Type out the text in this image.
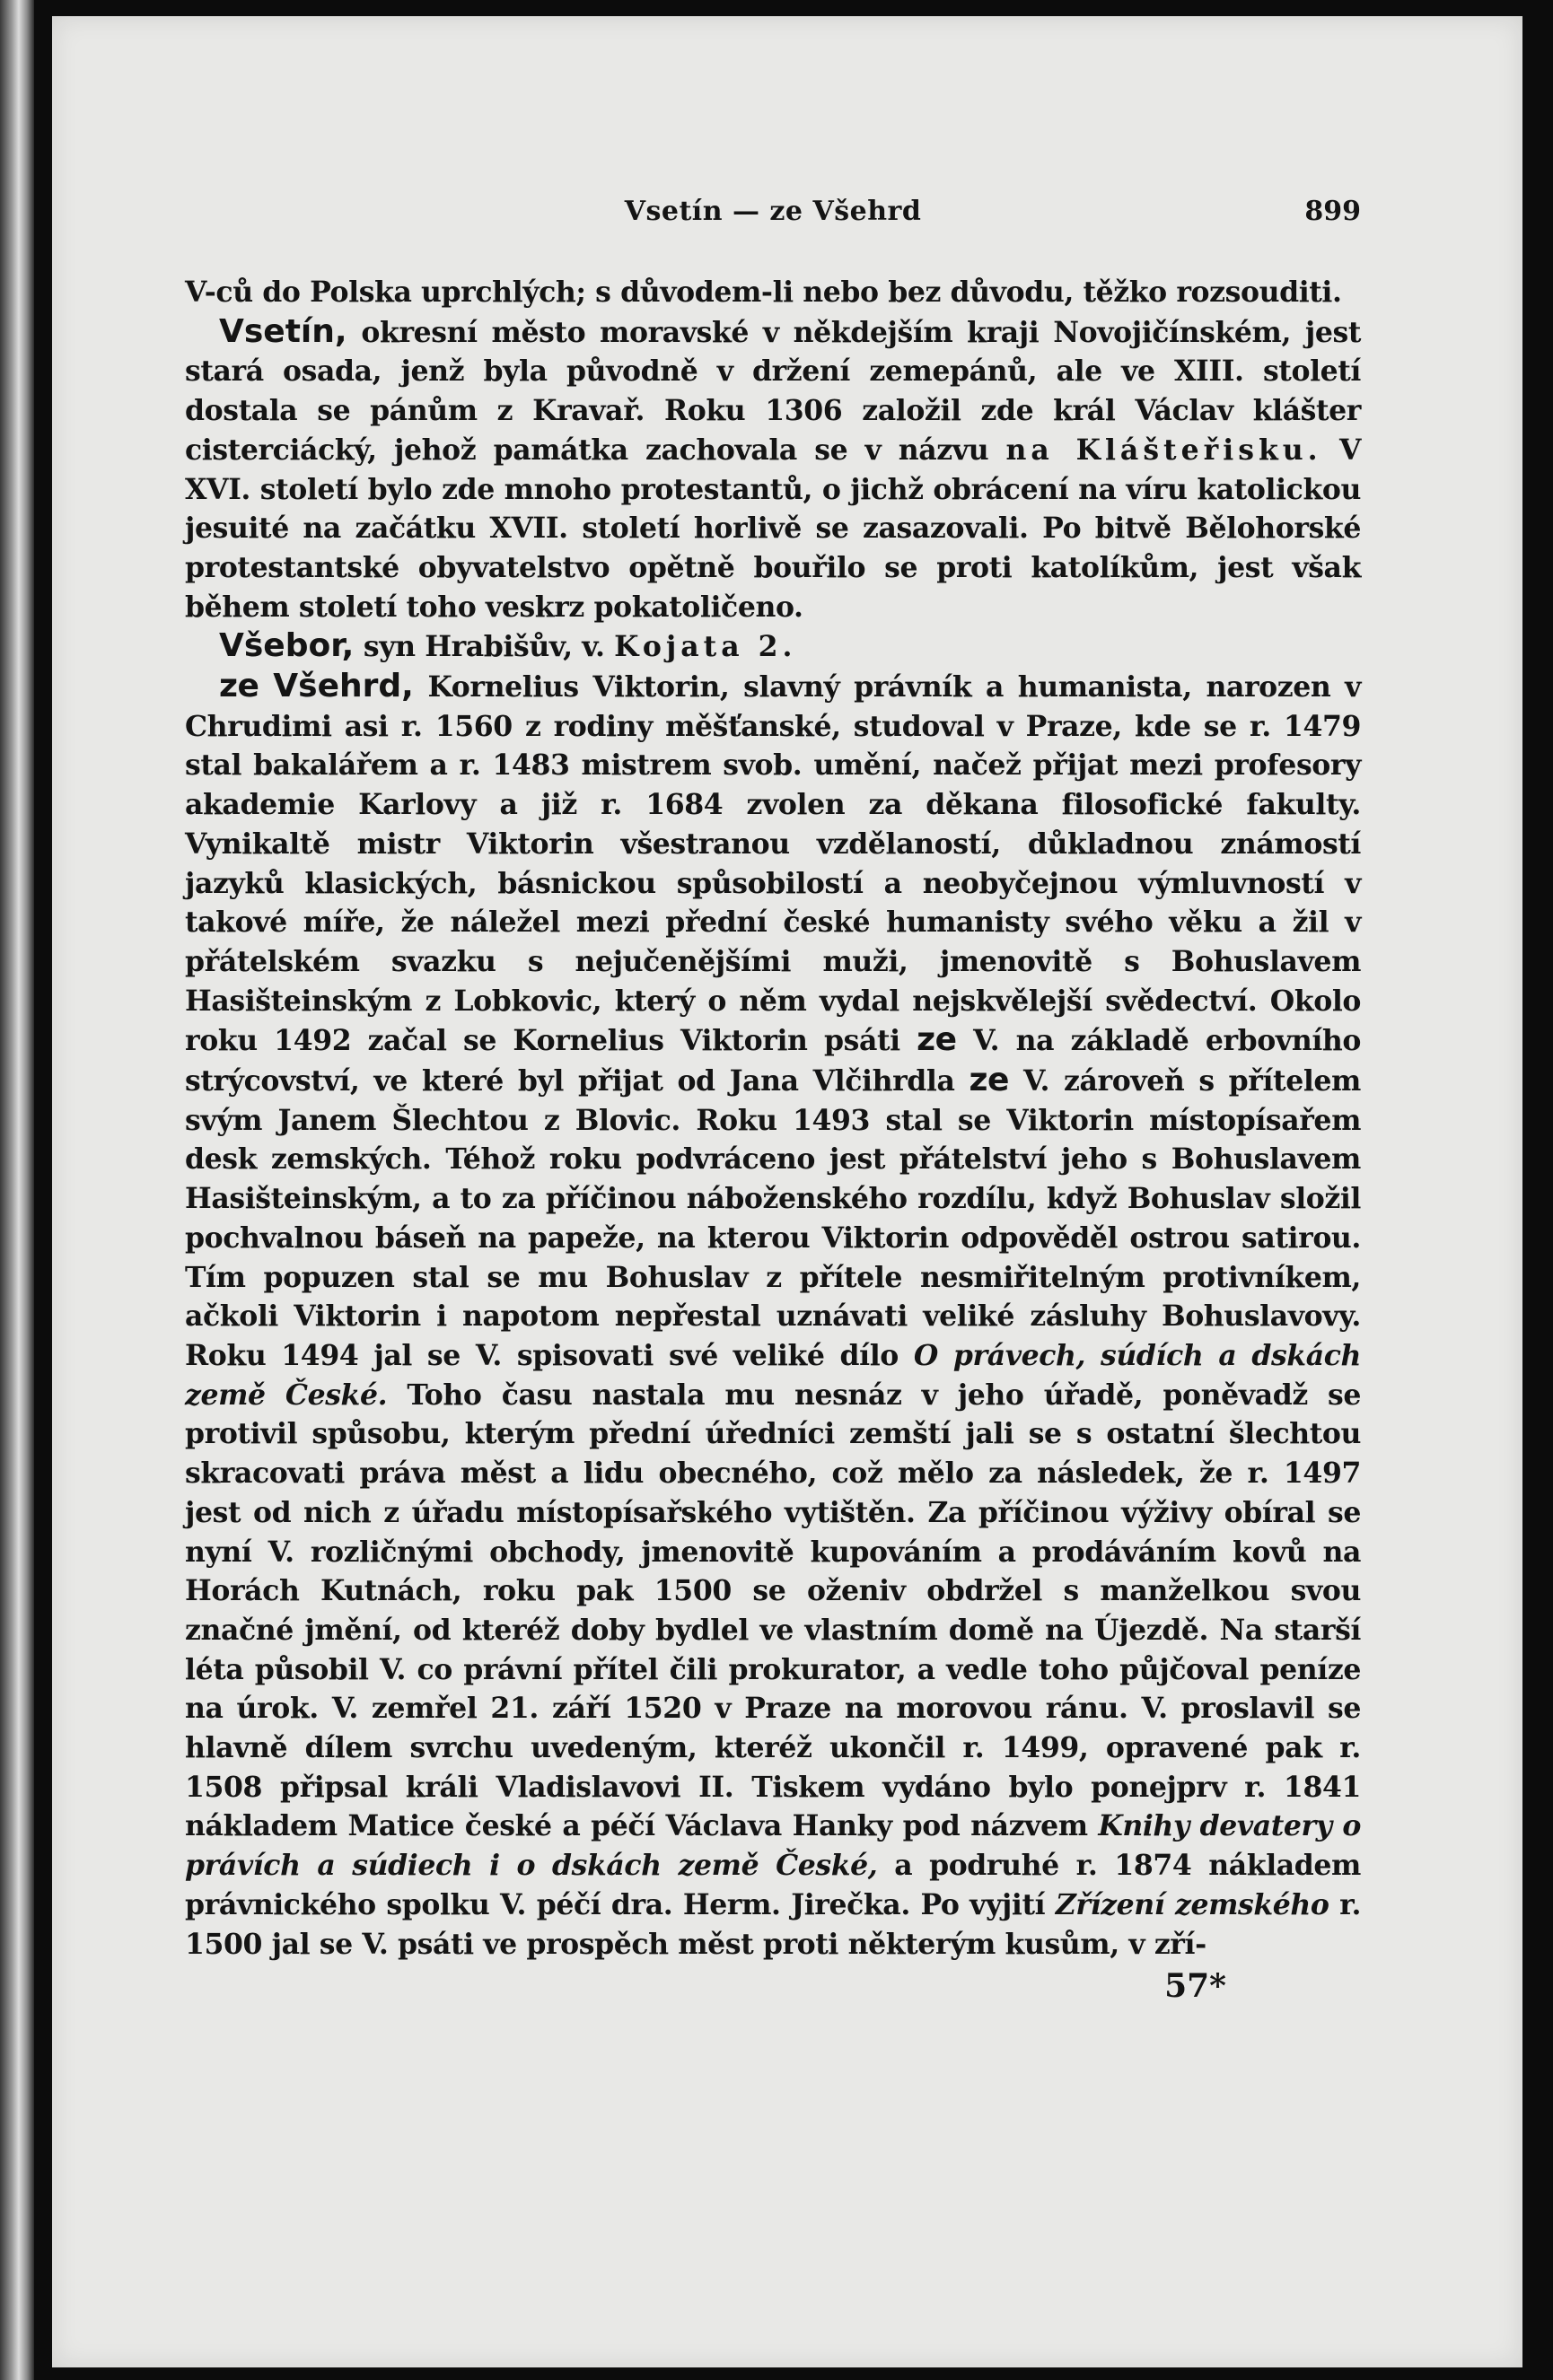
Vsetín — ze Všehrd	899

V-ců do Polska uprchlých; s důvodem-li nebo bez důvodu, těžko rozsouditi.

Vsetín, okresní město moravské v někdejším kraji Novojičínském, jest stará osada, jenž byla původně v držení zemepánů, ale ve XIII. století dostala se pánům z Kravař. Roku 1306 založil zde král Václav klášter cisterciácký, jehož památka zachovala se v názvu na Klášteřisku. V XVI. století bylo zde mnoho protestantů, o jichž obrácení na víru katolickou jesuité na začátku XVII. století horlivě se zasazovali. Po bitvě Bělohorské protestantské obyvatelstvo opětně bouřilo se proti katolíkům, jest však během století toho veskrz pokatoličeno.

Všebor, syn Hrabišův, v. Kojata 2.

ze Všehrd, Kornelius Viktorin, slavný právník a humanista, narozen v Chrudimi asi r. 1560 z rodiny měšťanské, studoval v Praze, kde se r. 1479 stal bakalářem a r. 1483 mistrem svob. umění, načež přijat mezi profesory akademie Karlovy a již r. 1684 zvolen za děkana filosofické fakulty. Vynikaltě mistr Viktorin všestranou vzdělaností, důkladnou známostí jazyků klasických, básnickou spůsobilostí a neobyčejnou výmluvností v takové míře, že náležel mezi přední české humanisty svého věku a žil v přátelském svazku s nejučenějšími muži, jmenovitě s Bohuslavem Hasišteinským z Lobkovic, který o něm vydal nejskvělejší svědectví. Okolo roku 1492 začal se Kornelius Viktorin psáti ze V. na základě erbovního strýcovství, ve které byl přijat od Jana Vlčihrdla ze V. zároveň s přítelem svým Janem Šlechtou z Blovic. Roku 1493 stal se Viktorin místopísařem desk zemských. Téhož roku podvráceno jest přátelství jeho s Bohuslavem Hasišteinským, a to za příčinou náboženského rozdílu, když Bohuslav složil pochvalnou báseň na papeže, na kterou Viktorin odpověděl ostrou satirou. Tím popuzen stal se mu Bohuslav z přítele nesmiřitelným protivníkem, ačkoli Viktorin i napotom nepřestal uznávati veliké zásluhy Bohuslavovy. Roku 1494 jal se V. spisovati své veliké dílo O právech, súdích a dskách země České. Toho času nastala mu nesnáz v jeho úřadě, poněvadž se protivil spůsobu, kterým přední úředníci zemští jali se s ostatní šlechtou skracovati práva měst a lidu obecného, což mělo za následek, že r. 1497 jest od nich z úřadu místopísařského vytištěn. Za příčinou výživy obíral se nyní V. rozličnými obchody, jmenovitě kupováním a prodáváním kovů na Horách Kutnách, roku pak 1500 se oženiv obdržel s manželkou svou značné jmění, od kteréž doby bydlel ve vlastním domě na Újezdě. Na starší léta působil V. co právní přítel čili prokurator, a vedle toho půjčoval peníze na úrok. V. zemřel 21. září 1520 v Praze na morovou ránu. V. proslavil se hlavně dílem svrchu uvedeným, kteréž ukončil r. 1499, opravené pak r. 1508 připsal králi Vladislavovi II. Tiskem vydáno bylo ponejprv r. 1841 nákladem Matice české a péčí Václava Hanky pod názvem Knihy devatery o právích a súdiech i o dskách země České, a podruhé r. 1874 nákladem právnického spolku V. péčí dra. Herm. Jirečka. Po vyjití Zřízení zemského r. 1500 jal se V. psáti ve prospěch měst proti některým kusům, v zří-

57*
